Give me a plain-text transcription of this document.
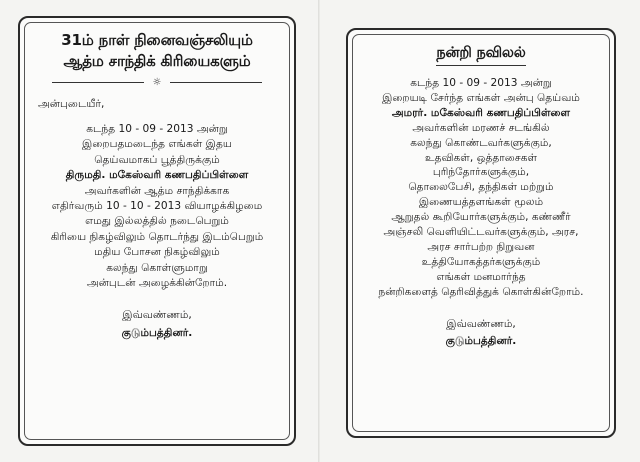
31ம் நாள் நினைவஞ்சலியும்
ஆத்ம சாந்திக் கிரியைகளும்
☼
அன்புடையீர்,
கடந்த 10 - 09 - 2013 அன்று
இறைபதமடைந்த எங்கள் இதய
தெய்வமாகப் பூத்திருக்கும்
திருமதி. மகேஸ்வரி கணபதிப்பிள்ளை
அவர்களின் ஆத்ம சாந்திக்காக
எதிர்வரும் 10 - 10 - 2013 வியாழக்கிழமை
எமது இல்லத்தில் நடைபெறும்
கிரியை நிகழ்விலும் தொடர்ந்து இடம்பெறும்
மதிய போசன நிகழ்விலும்
கலந்து கொள்ளுமாறு
அன்புடன் அழைக்கின்றோம்.
இவ்வண்ணம்,
குடும்பத்தினர்.
நன்றி நவிலல்
கடந்த 10 - 09 - 2013 அன்று
இறையடி சேர்ந்த எங்கள் அன்பு தெய்வம்
அமரர். மகேஸ்வரி கணபதிப்பிள்ளை
அவர்களின் மரணச் சடங்கில்
கலந்து கொண்டவர்களுக்கும்,
உதவிகள், ஒத்தாசைகள்
புரிந்தோர்களுக்கும்,
தொலைபேசி, தந்திகள் மற்றும்
இணையத்தளங்கள் மூலம்
ஆறுதல் கூறியோர்களுக்கும், கண்ணீர்
அஞ்சலி வெளியிட்டவர்களுக்கும், அரச,
அரச சார்பற்ற நிறுவன
உத்தியோகத்தர்களுக்கும்
எங்கள் மனமார்ந்த
நன்றிகளைத் தெரிவித்துக் கொள்கின்றோம்.
இவ்வண்ணம்,
குடும்பத்தினர்.
